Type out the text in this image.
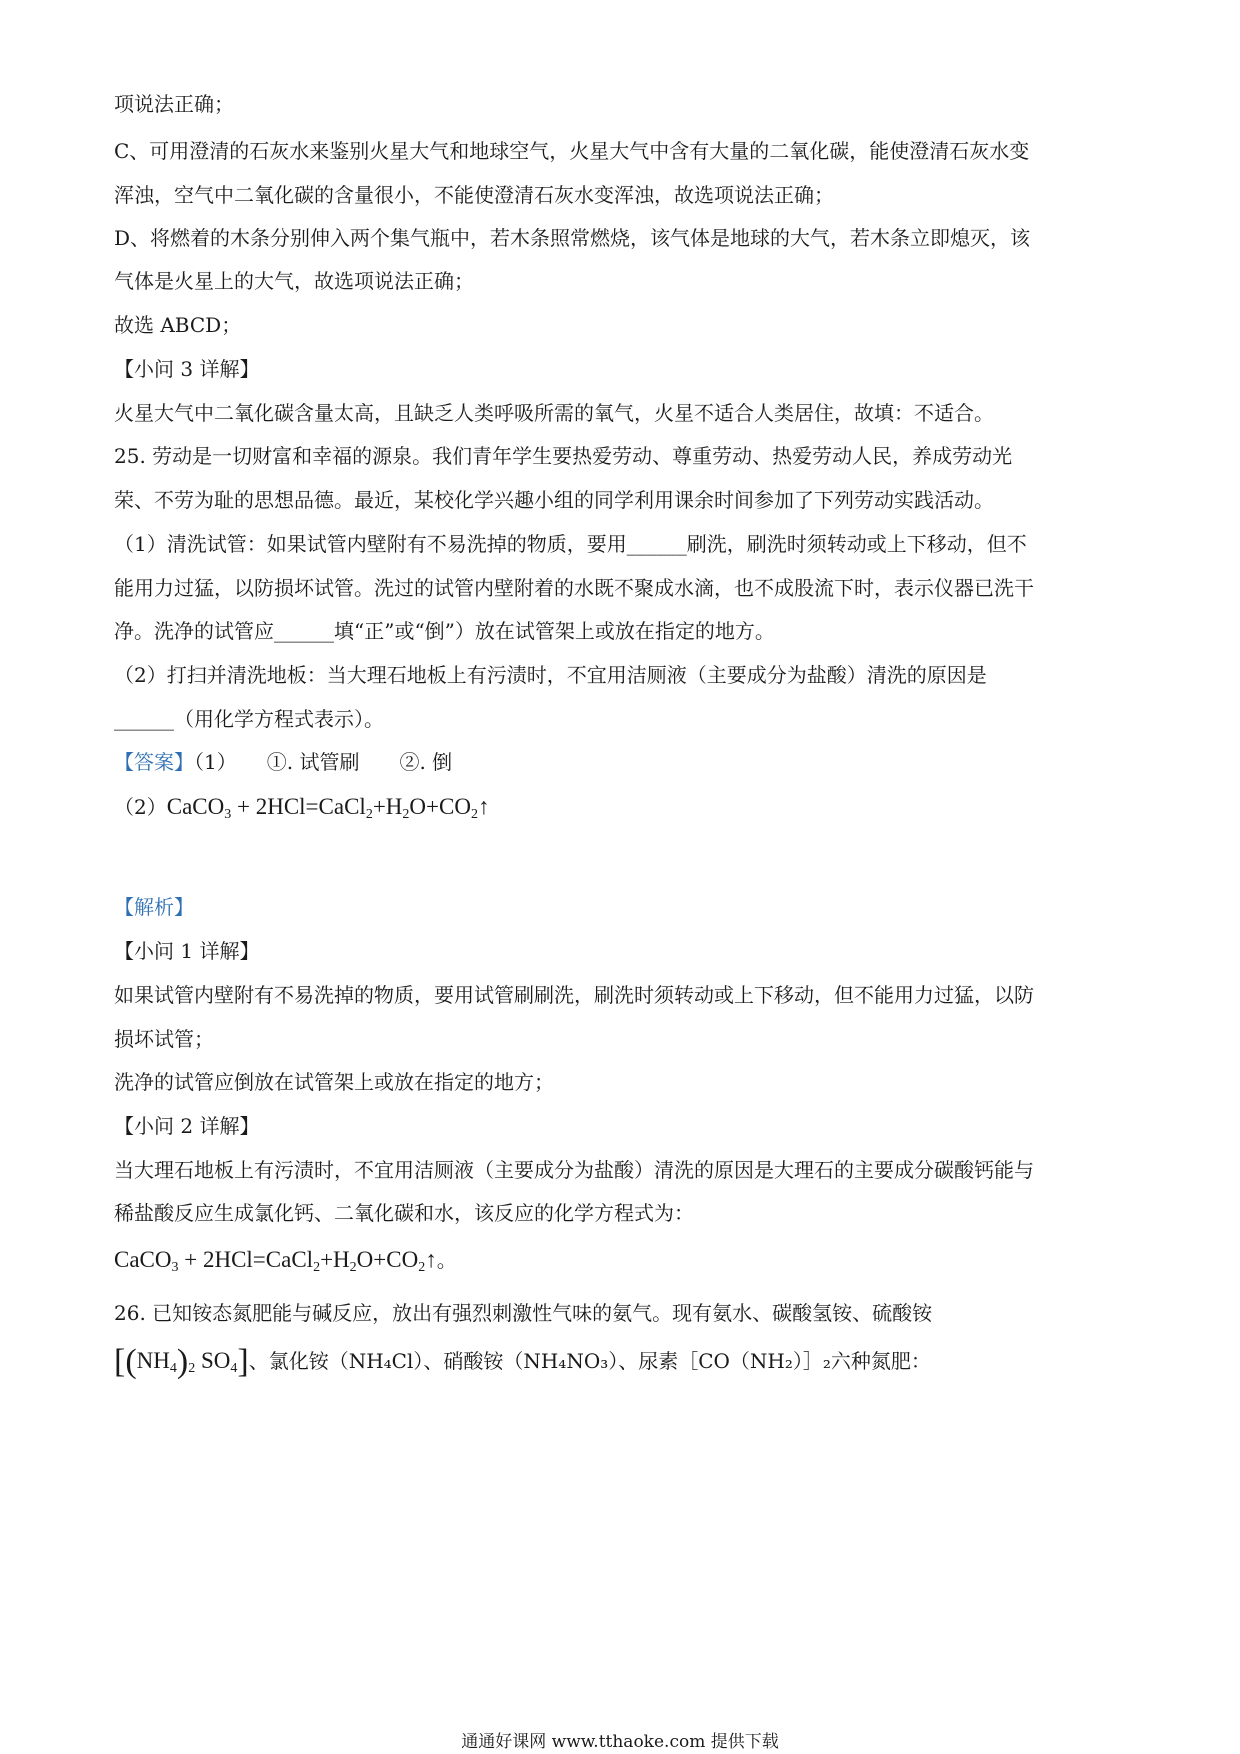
项说法正确；
C、可用澄清的石灰水来鉴别火星大气和地球空气，火星大气中含有大量的二氧化碳，能使澄清石灰水变
浑浊，空气中二氧化碳的含量很小，不能使澄清石灰水变浑浊，故选项说法正确；
D、将燃着的木条分别伸入两个集气瓶中，若木条照常燃烧，该气体是地球的大气，若木条立即熄灭，该
气体是火星上的大气，故选项说法正确；
故选 ABCD；
【小问 3 详解】
火星大气中二氧化碳含量太高，且缺乏人类呼吸所需的氧气，火星不适合人类居住，故填：不适合。
25. 劳动是一切财富和幸福的源泉。我们青年学生要热爱劳动、尊重劳动、热爱劳动人民，养成劳动光
荣、不劳为耻的思想品德。最近，某校化学兴趣小组的同学利用课余时间参加了下列劳动实践活动。
（1）清洗试管：如果试管内壁附有不易洗掉的物质，要用______刷洗，刷洗时须转动或上下移动，但不
能用力过猛，以防损坏试管。洗过的试管内壁附着的水既不聚成水滴，也不成股流下时，表示仪器已洗干
净。洗净的试管应______填“正”或“倒”）放在试管架上或放在指定的地方。
（2）打扫并清洗地板：当大理石地板上有污渍时，不宜用洁厕液（主要成分为盐酸）清洗的原因是
______（用化学方程式表示）。
【答案】（1）　　①. 试管刷　　②. 倒
（2）CaCO$_3$ + $2HCl=CaCl_2+H_2O+CO_2↑$
【解析】
【小问 1 详解】
如果试管内壁附有不易洗掉的物质，要用试管刷刷洗，刷洗时须转动或上下移动，但不能用力过猛，以防
损坏试管；
洗净的试管应倒放在试管架上或放在指定的地方；
【小问 2 详解】
当大理石地板上有污渍时，不宜用洁厕液（主要成分为盐酸）清洗的原因是大理石的主要成分碳酸钙能与
稀盐酸反应生成氯化钙、二氧化碳和水，该反应的化学方程式为：
CaCO$_3$ + $2HCl=CaCl_2+H_2O+CO_2↑$。
26. 已知铵态氮肥能与碱反应，放出有强烈刺激性气味的氨气。现有氨水、碳酸氢铵、硫酸铵
[$(NH_4)_2$ $SO_4$]、氯化铵（NH₄Cl）、硝酸铵（NH₄NO₃）、尿素［CO（NH₂）］₂六种氮肥：
通通好课网 www.tthaoke.com 提供下载
